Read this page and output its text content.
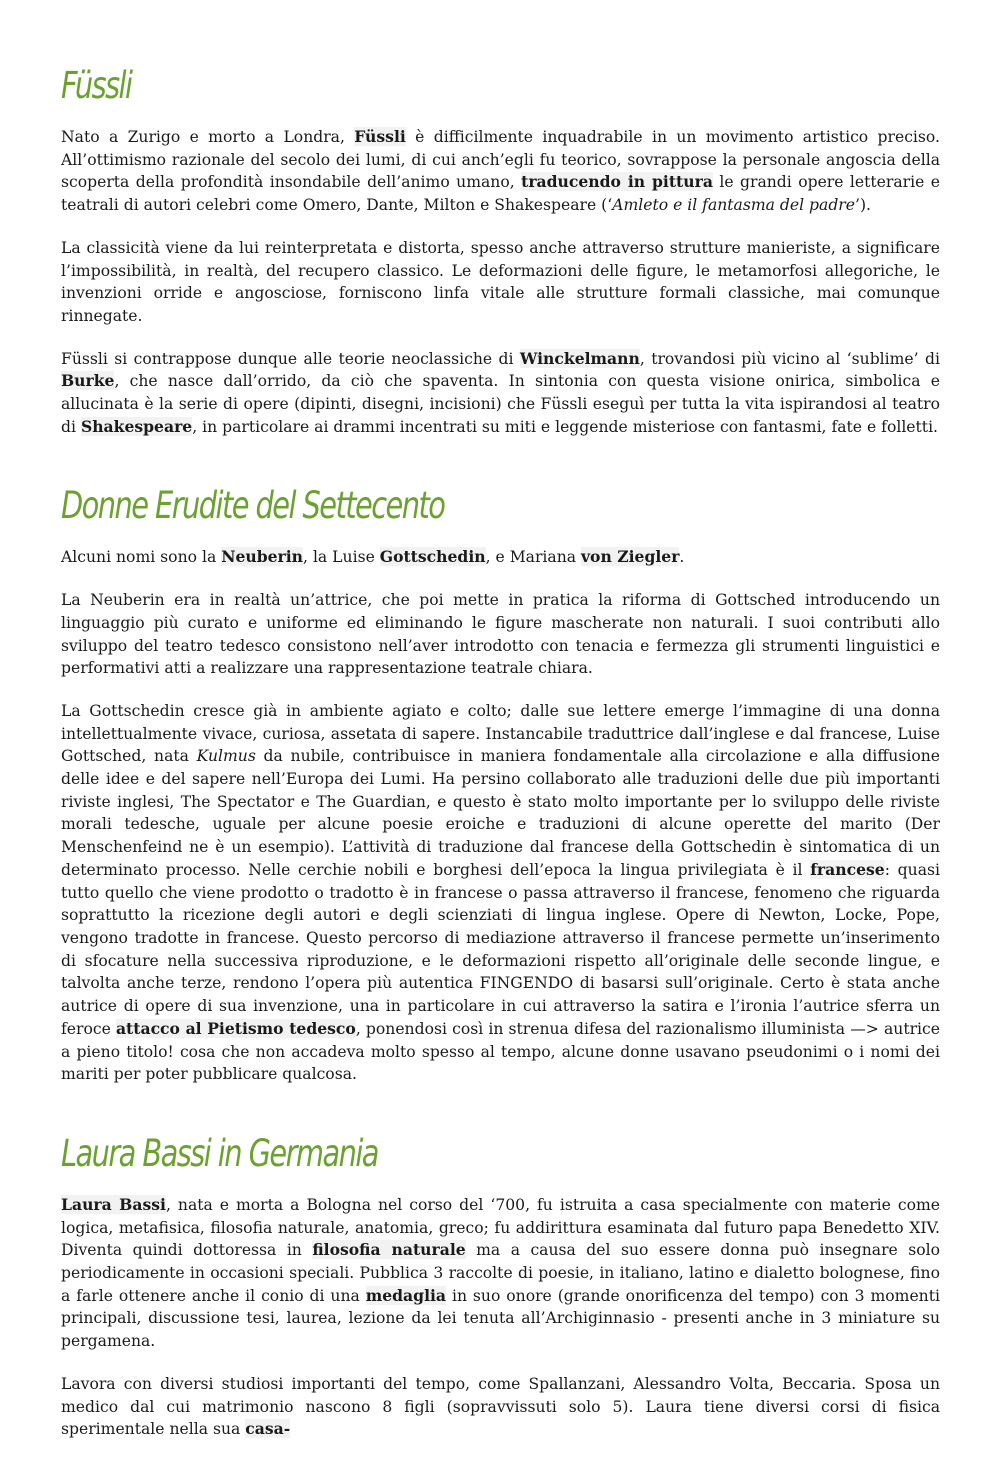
Füssli

Nato a Zurigo e morto a Londra, Füssli è difficilmente inquadrabile in un movimento artistico preciso. All’ottimismo razionale del secolo dei lumi, di cui anch’egli fu teorico, sovrappose la personale angoscia della scoperta della profondità insondabile dell’animo umano, traducendo in pittura le grandi opere letterarie e teatrali di autori celebri come Omero, Dante, Milton e Shakespeare (‘Amleto e il fantasma del padre’).

La classicità viene da lui reinterpretata e distorta, spesso anche attraverso strutture manieriste, a significare l’impossibilità, in realtà, del recupero classico. Le deformazioni delle figure, le metamorfosi allegoriche, le invenzioni orride e angosciose, forniscono linfa vitale alle strutture formali classiche, mai comunque rinnegate.

Füssli si contrappose dunque alle teorie neoclassiche di Winckelmann, trovandosi più vicino al ‘sublime’ di Burke, che nasce dall’orrido, da ciò che spaventa. In sintonia con questa visione onirica, simbolica e allucinata è la serie di opere (dipinti, disegni, incisioni) che Füssli eseguì per tutta la vita ispirandosi al teatro di Shakespeare, in particolare ai drammi incentrati su miti e leggende misteriose con fantasmi, fate e folletti.

Donne Erudite del Settecento

Alcuni nomi sono la Neuberin, la Luise Gottschedin, e Mariana von Ziegler.

La Neuberin era in realtà un’attrice, che poi mette in pratica la riforma di Gottsched introducendo un linguaggio più curato e uniforme ed eliminando le figure mascherate non naturali. I suoi contributi allo sviluppo del teatro tedesco consistono nell’aver introdotto con tenacia e fermezza gli strumenti linguistici e performativi atti a realizzare una rappresentazione teatrale chiara.

La Gottschedin cresce già in ambiente agiato e colto; dalle sue lettere emerge l’immagine di una donna intellettualmente vivace, curiosa, assetata di sapere. Instancabile traduttrice dall’inglese e dal francese, Luise Gottsched, nata Kulmus da nubile, contribuisce in maniera fondamentale alla circolazione e alla diffusione delle idee e del sapere nell’Europa dei Lumi. Ha persino collaborato alle traduzioni delle due più importanti riviste inglesi, The Spectator e The Guardian, e questo è stato molto importante per lo sviluppo delle riviste morali tedesche, uguale per alcune poesie eroiche e traduzioni di alcune operette del marito (Der Menschenfeind ne è un esempio). L’attività di traduzione dal francese della Gottschedin è sintomatica di un determinato processo. Nelle cerchie nobili e borghesi dell’epoca la lingua privilegiata è il francese: quasi tutto quello che viene prodotto o tradotto è in francese o passa attraverso il francese, fenomeno che riguarda soprattutto la ricezione degli autori e degli scienziati di lingua inglese. Opere di Newton, Locke, Pope, vengono tradotte in francese. Questo percorso di mediazione attraverso il francese permette un’inserimento di sfocature nella successiva riproduzione, e le deformazioni rispetto all’originale delle seconde lingue, e talvolta anche terze, rendono l’opera più autentica FINGENDO di basarsi sull’originale. Certo è stata anche autrice di opere di sua invenzione, una in particolare in cui attraverso la satira e l’ironia l’autrice sferra un feroce attacco al Pietismo tedesco, ponendosi così in strenua difesa del razionalismo illuminista —> autrice a pieno titolo! cosa che non accadeva molto spesso al tempo, alcune donne usavano pseudonimi o i nomi dei mariti per poter pubblicare qualcosa.

Laura Bassi in Germania

Laura Bassi, nata e morta a Bologna nel corso del ‘700, fu istruita a casa specialmente con materie come logica, metafisica, filosofia naturale, anatomia, greco; fu addirittura esaminata dal futuro papa Benedetto XIV. Diventa quindi dottoressa in filosofia naturale ma a causa del suo essere donna può insegnare solo periodicamente in occasioni speciali. Pubblica 3 raccolte di poesie, in italiano, latino e dialetto bolognese, fino a farle ottenere anche il conio di una medaglia in suo onore (grande onorificenza del tempo) con 3 momenti principali, discussione tesi, laurea, lezione da lei tenuta all’Archiginnasio - presenti anche in 3 miniature su pergamena.

Lavora con diversi studiosi importanti del tempo, come Spallanzani, Alessandro Volta, Beccaria. Sposa un medico dal cui matrimonio nascono 8 figli (sopravvissuti solo 5). Laura tiene diversi corsi di fisica sperimentale nella sua casa-
